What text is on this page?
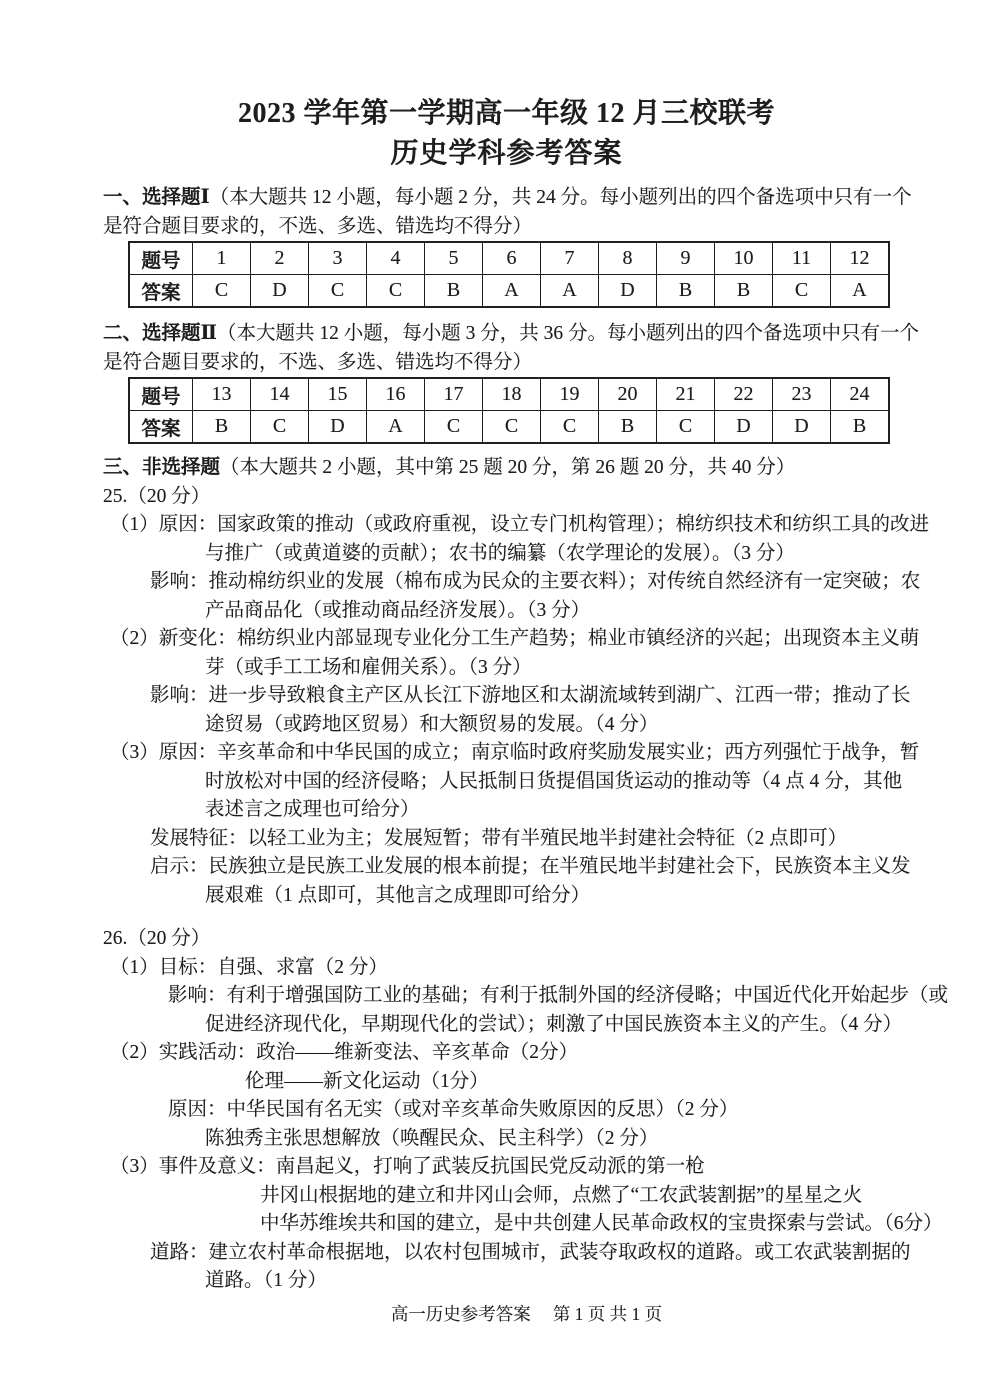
2023 学年第一学期高一年级 12 月三校联考
历史学科参考答案
一、选择题Ⅰ（本大题共 12 小题，每小题 2 分，共 24 分。每小题列出的四个备选项中只有一个
是符合题目要求的，不选、多选、错选均不得分）
题号	1	2	3	4	5	6	7	8	9	10	11	12
答案	C	D	C	C	B	A	A	D	B	B	C	A
二、选择题Ⅱ（本大题共 12 小题，每小题 3 分，共 36 分。每小题列出的四个备选项中只有一个
是符合题目要求的，不选、多选、错选均不得分）
题号	13	14	15	16	17	18	19	20	21	22	23	24
答案	B	C	D	A	C	C	C	B	C	D	D	B
三、非选择题（本大题共 2 小题，其中第 25 题 20 分，第 26 题 20 分，共 40 分）
25.（20 分）
（1）原因：国家政策的推动（或政府重视，设立专门机构管理）；棉纺织技术和纺织工具的改进
与推广（或黄道婆的贡献）；农书的编纂（农学理论的发展）。（3 分）
影响：推动棉纺织业的发展（棉布成为民众的主要衣料）；对传统自然经济有一定突破；农
产品商品化（或推动商品经济发展）。（3 分）
（2）新变化：棉纺织业内部显现专业化分工生产趋势；棉业市镇经济的兴起；出现资本主义萌
芽（或手工工场和雇佣关系）。（3 分）
影响：进一步导致粮食主产区从长江下游地区和太湖流域转到湖广、江西一带；推动了长
途贸易（或跨地区贸易）和大额贸易的发展。（4 分）
（3）原因：辛亥革命和中华民国的成立；南京临时政府奖励发展实业；西方列强忙于战争，暂
时放松对中国的经济侵略；人民抵制日货提倡国货运动的推动等（4 点 4 分，其他
表述言之成理也可给分）
发展特征：以轻工业为主；发展短暂；带有半殖民地半封建社会特征（2 点即可）
启示：民族独立是民族工业发展的根本前提；在半殖民地半封建社会下，民族资本主义发
展艰难（1 点即可，其他言之成理即可给分）
26.（20 分）
（1）目标：自强、求富（2 分）
影响：有利于增强国防工业的基础；有利于抵制外国的经济侵略；中国近代化开始起步（或
促进经济现代化，早期现代化的尝试）；刺激了中国民族资本主义的产生。（4 分）
（2）实践活动：政治——维新变法、辛亥革命（2分）
伦理——新文化运动（1分）
原因：中华民国有名无实（或对辛亥革命失败原因的反思）（2 分）
陈独秀主张思想解放（唤醒民众、民主科学）（2 分）
（3）事件及意义：南昌起义，打响了武装反抗国民党反动派的第一枪
井冈山根据地的建立和井冈山会师，点燃了“工农武装割据”的星星之火
中华苏维埃共和国的建立，是中共创建人民革命政权的宝贵探索与尝试。（6分）
道路：建立农村革命根据地，以农村包围城市，武装夺取政权的道路。或工农武装割据的
道路。（1 分）
高一历史参考答案 第 1 页 共 1 页
